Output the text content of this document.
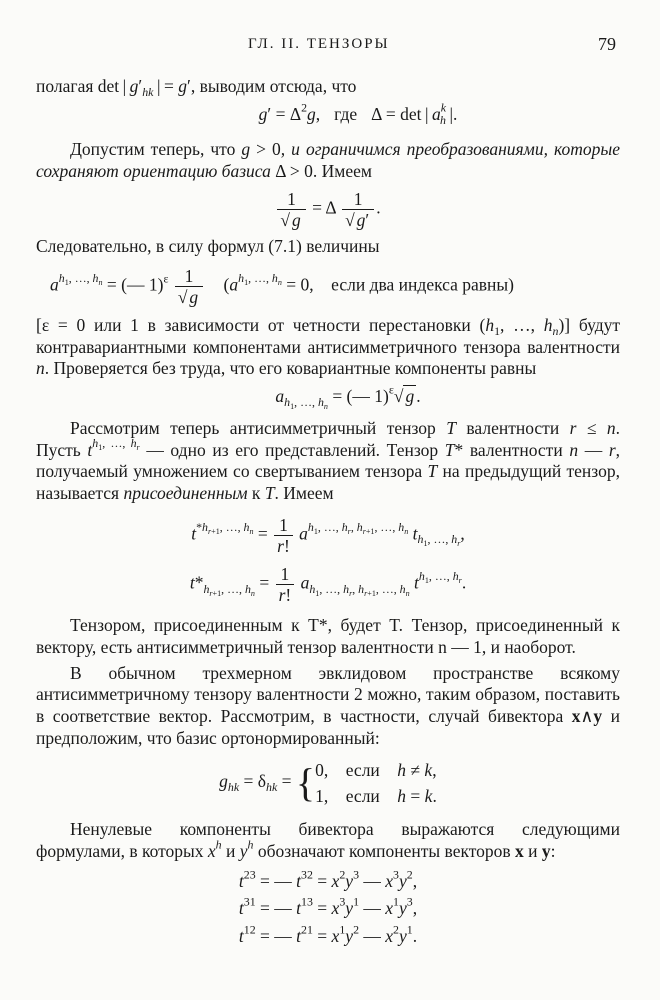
ГЛ. II. ТЕНЗОРЫ	79

полагая det | $g'_{hk}$ | = g′, выводим отсюда, что

$g' = \Delta^2g$, где Δ = det | $a^k_h$ |.

Допустим теперь, что g > 0, и ограничимся преобразованиями, которые сохраняют ориентацию базиса Δ > 0. Имеем

$\frac{1}{√ g} = \Delta \frac{1}{√ g'}$ .

Следовательно, в силу формул (7.1) величины

$a^{h_1, \dots, h_n}$ = (— $1)^\varepsilon \frac{1}{√ g} (a^{h_1, \dots, h_n} = 0$, если два индекса равны)

[ε = 0 или 1 в зависимости от четности перестановки ($h_1$, …, $h_n$)] будут контравариантными компонентами антисимметричного тензора валентности n. Проверяется без труда, что его ковариантные компоненты равны

$a_{h_1, \dots, h_n}$ = (— 1)$^\varepsilon$√ g .

Рассмотрим теперь антисимметричный тензор T валентности r ≤ n. Пусть $t^{h_1, \dots, h_r}$ — одно из его представлений. Тензор T* валентности n — r, получаемый умножением со свертыванием тензора T на предыдущий тензор, называется присоединенным к T. Имеем

$t^{*h_{r+1}, \dots, h_n} = \frac{1}{r!} a^{h_1, \dots, h_r, h_{r+1}, \dots, h_n}$ $t_{h_1, \dots, h_r}$,
$t*_{h_{r+1}, \dots, h_n} = \frac{1}{r!} a_{h_1, \dots, h_r, h_{r+1}, \dots, h_n}$ $t^{h_1, \dots, h_r}$.

Тензором, присоединенным к T*, будет T. Тензор, присоединенный к вектору, есть антисимметричный тензор валентности n — 1, и наоборот.

В обычном трехмерном эвклидовом пространстве всякому антисимметричному тензору валентности 2 можно, таким образом, поставить в соответствие вектор. Рассмотрим, в частности, случай бивектора x∧y и предположим, что базис ортонормированный:

$g_{hk} = \delta_{hk}$ = { 0, если  h ≠ k,
1, если  h = k.

Ненулевые компоненты бивектора выражаются следующими формулами, в которых $x^h$ и $y^h$ обозначают компоненты векторов x и y:

$t^{23}$ = — $t^{32} = x^2y^3$ — $x^3y^2$,
$t^{31}$ = — $t^{13} = x^3y^1$ — $x^1y^3$,
$t^{12}$ = — $t^{21} = x^1y^2$ — $x^2y^1$.
